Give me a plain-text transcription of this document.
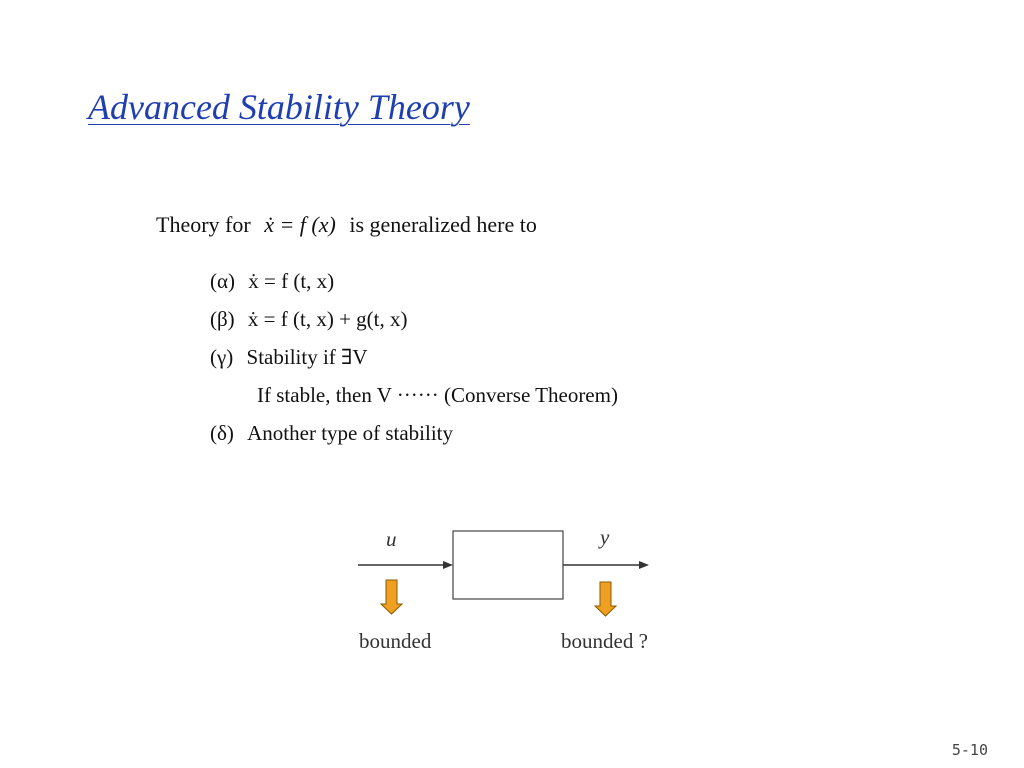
Advanced Stability Theory
Theory for ẋ = f (x) is generalized here to
(α) ẋ = f (t, x)
(β) ẋ = f (t, x) + g(t, x)
(γ) Stability if ∃V
If stable, then V ······ (Converse Theorem)
(δ) Another type of stability
u	y
bounded	bounded ?
5-10
